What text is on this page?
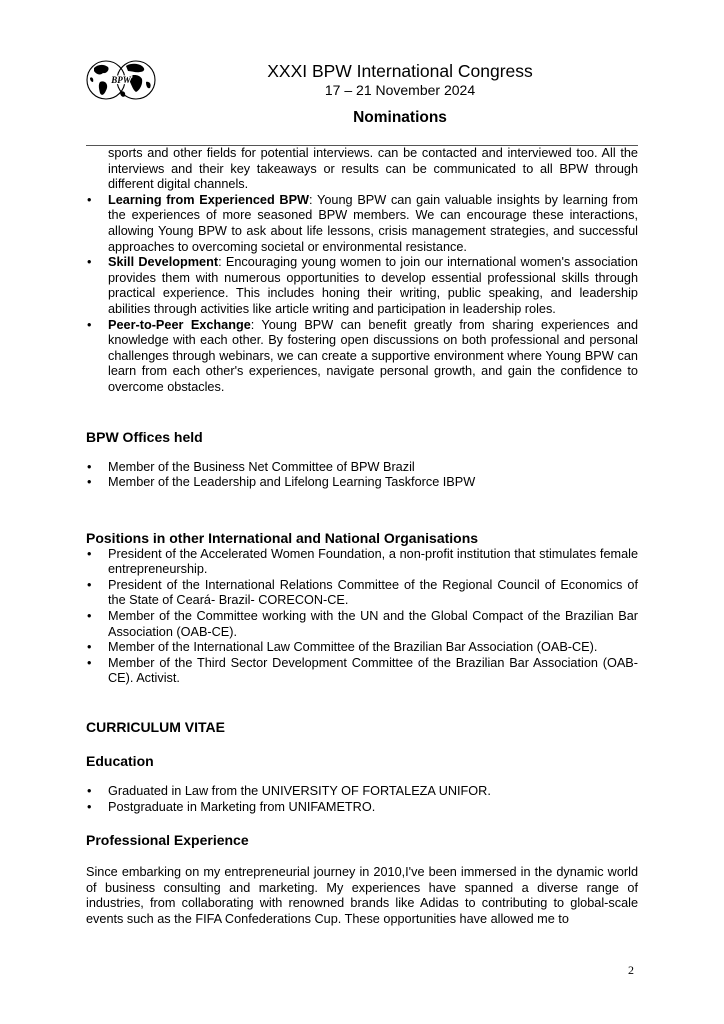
BPW	XXXI BPW International Congress
17 – 21 November 2024
Nominations
sports and other fields for potential interviews. can be contacted and interviewed too. All the interviews and their key takeaways or results can be communicated to all BPW through different digital channels.
• Learning from Experienced BPW: Young BPW can gain valuable insights by learning from the experiences of more seasoned BPW members. We can encourage these interactions, allowing Young BPW to ask about life lessons, crisis management strategies, and successful approaches to overcoming societal or environmental resistance.
• Skill Development: Encouraging young women to join our international women's association provides them with numerous opportunities to develop essential professional skills through practical experience. This includes honing their writing, public speaking, and leadership abilities through activities like article writing and participation in leadership roles.
• Peer-to-Peer Exchange: Young BPW can benefit greatly from sharing experiences and knowledge with each other. By fostering open discussions on both professional and personal challenges through webinars, we can create a supportive environment where Young BPW can learn from each other's experiences, navigate personal growth, and gain the confidence to overcome obstacles.
BPW Offices held
• Member of the Business Net Committee of BPW Brazil
• Member of the Leadership and Lifelong Learning Taskforce IBPW
Positions in other International and National Organisations
• President of the Accelerated Women Foundation, a non-profit institution that stimulates female entrepreneurship.
• President of the International Relations Committee of the Regional Council of Economics of the State of Ceará- Brazil- CORECON-CE.
• Member of the Committee working with the UN and the Global Compact of the Brazilian Bar Association (OAB-CE).
• Member of the International Law Committee of the Brazilian Bar Association (OAB-CE).
• Member of the Third Sector Development Committee of the Brazilian Bar Association (OAB-CE). Activist.
CURRICULUM VITAE
Education
• Graduated in Law from the UNIVERSITY OF FORTALEZA UNIFOR.
• Postgraduate in Marketing from UNIFAMETRO.
Professional Experience

Since embarking on my entrepreneurial journey in 2010,I've been immersed in the dynamic world of business consulting and marketing. My experiences have spanned a diverse range of industries, from collaborating with renowned brands like Adidas to contributing to global-scale events such as the FIFA Confederations Cup. These opportunities have allowed me to

2
